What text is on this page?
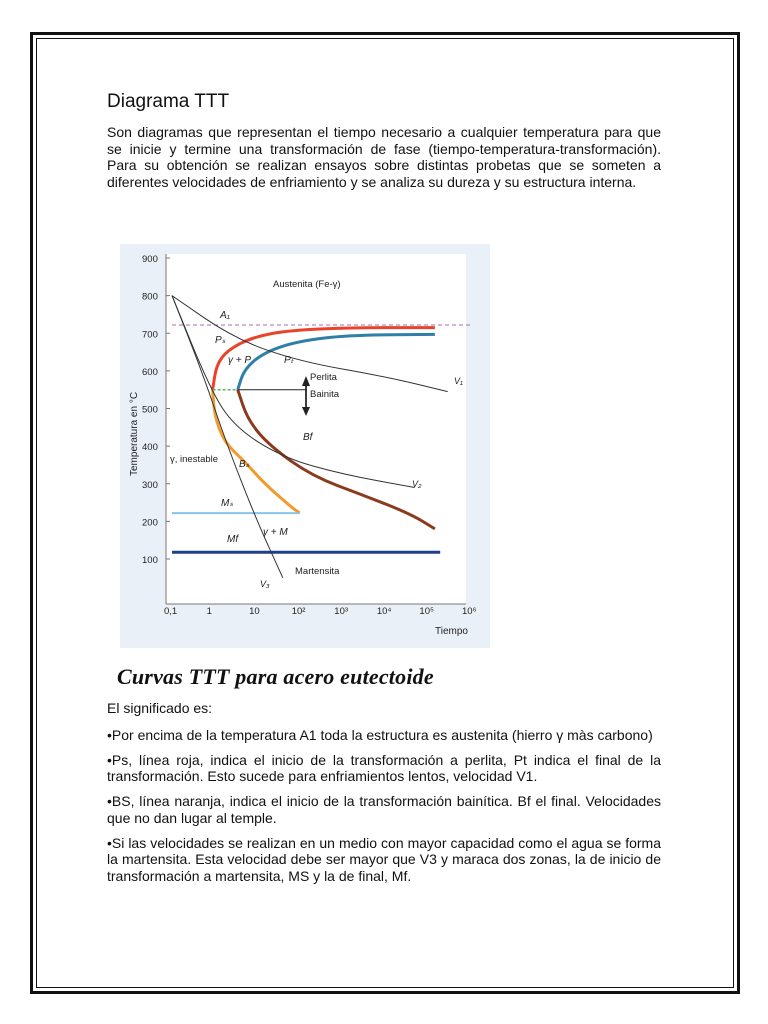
Diagrama TTT

Son diagramas que representan el tiempo necesario a cualquier temperatura para que se inicie y termine una transformación de fase (tiempo-temperatura-transformación). Para su obtención se realizan ensayos sobre distintas probetas que se someten a diferentes velocidades de enfriamiento y se analiza su dureza y su estructura interna.

Temperatura en °C
Tiempo
900
800
700
600
500
400
300
200
100
0,1	1	10	10²	10³	10⁴	10⁵	10⁶
Austenita (Fe-γ)
A₁
Pₛ
γ + P	Pₜ
Perlita
Bainita
Bf
γ, inestable Bₛ
Mₛ
Mf
γ + M
Martensita
V₁
V₂
V₃
Curvas TTT para acero eutectoide

El significado es:

•Por encima de la temperatura A1 toda la estructura es austenita (hierro γ màs carbono)

•Ps, línea roja, indica el inicio de la transformación a perlita, Pt indica el final de la transformación. Esto sucede para enfriamientos lentos, velocidad V1.

•BS, línea naranja, indica el inicio de la transformación bainítica. Bf el final. Velocidades que no dan lugar al temple.

•Si las velocidades se realizan en un medio con mayor capacidad como el agua se forma la martensita. Esta velocidad debe ser mayor que V3 y maraca dos zonas, la de inicio de transformación a martensita, MS y la de final, Mf.
